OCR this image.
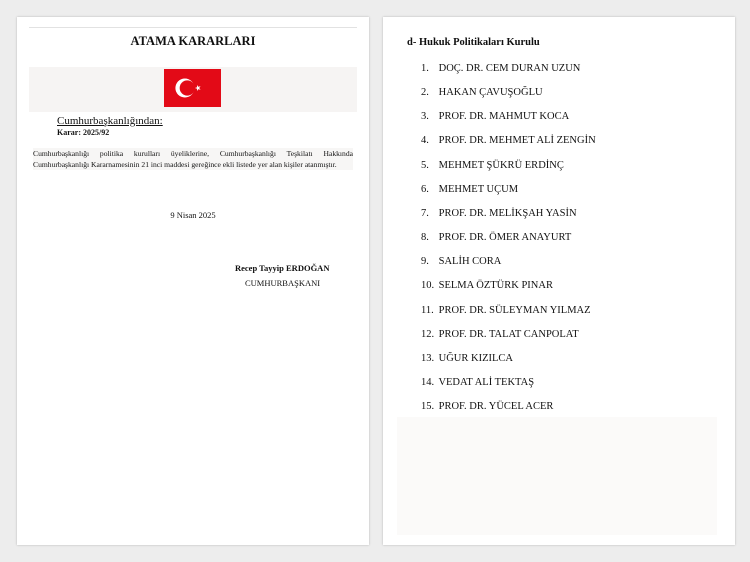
ATAMA KARARLARI
Cumhurbaşkanlığından:
Karar: 2025/92
Cumhurbaşkanlığı politika kurulları üyeliklerine, Cumhurbaşkanlığı Teşkilatı Hakkında Cumhurbaşkanlığı Kararnamesinin 21 inci maddesi gereğince ekli listede yer alan kişiler atanmıştır.
9 Nisan 2025
Recep Tayyip ERDOĞAN
CUMHURBAŞKANI
d- Hukuk Politikaları Kurulu
1. DOÇ. DR. CEM DURAN UZUN
2. HAKAN ÇAVUŞOĞLU
3. PROF. DR. MAHMUT KOCA
4. PROF. DR. MEHMET ALİ ZENGİN
5. MEHMET ŞÜKRÜ ERDİNÇ
6. MEHMET UÇUM
7. PROF. DR. MELİKŞAH YASİN
8. PROF. DR. ÖMER ANAYURT
9. SALİH CORA
10. SELMA ÖZTÜRK PINAR
11. PROF. DR. SÜLEYMAN YILMAZ
12. PROF. DR. TALAT CANPOLAT
13. UĞUR KIZILCA
14. VEDAT ALİ TEKTAŞ
15. PROF. DR. YÜCEL ACER
